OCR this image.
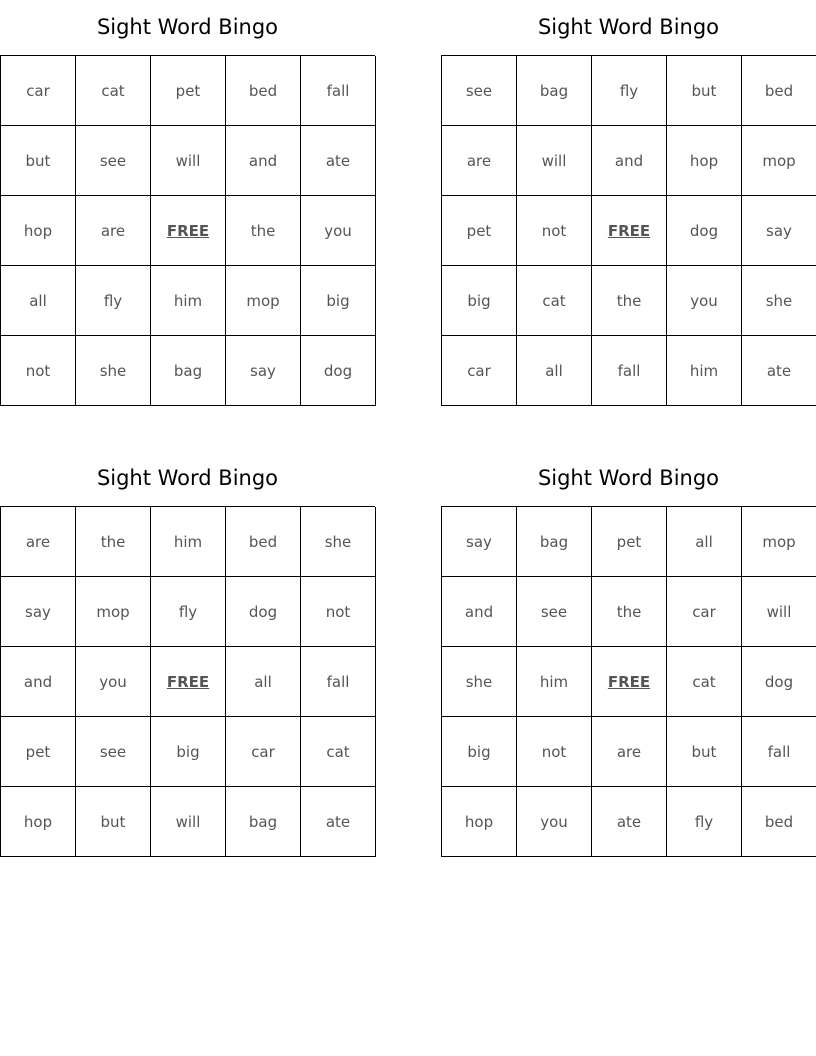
Sight Word Bingo
car	cat	pet	bed	fall
but	see	will	and	ate
hop	are	FREE	the	you
all	fly	him	mop	big
not	she	bag	say	dog
Sight Word Bingo
see	bag	fly	but	bed
are	will	and	hop	mop
pet	not	FREE	dog	say
big	cat	the	you	she
car	all	fall	him	ate
Sight Word Bingo
are	the	him	bed	she
say	mop	fly	dog	not
and	you	FREE	all	fall
pet	see	big	car	cat
hop	but	will	bag	ate
Sight Word Bingo
say	bag	pet	all	mop
and	see	the	car	will
she	him	FREE	cat	dog
big	not	are	but	fall
hop	you	ate	fly	bed
